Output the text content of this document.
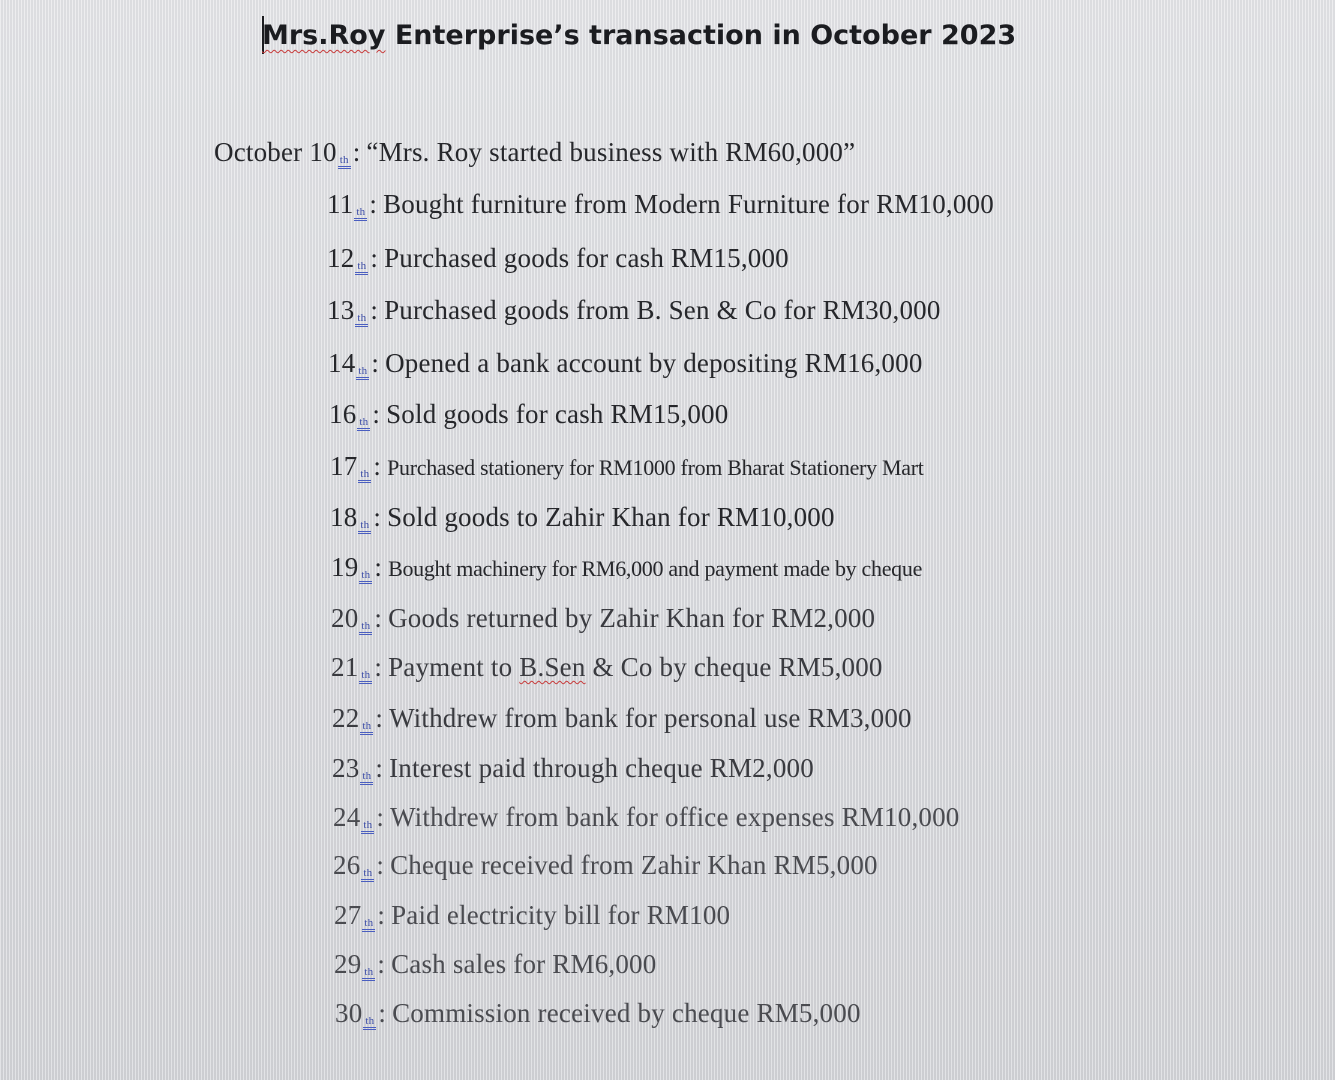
Mrs.Roy Enterprise’s transaction in October 2023
October 10 th : “Mrs. Roy started business with RM60,000”
11 th : Bought furniture from Modern Furniture for RM10,000
12 th : Purchased goods for cash RM15,000
13 th : Purchased goods from B. Sen & Co for RM30,000
14 th : Opened a bank account by depositing RM16,000
16 th : Sold goods for cash RM15,000
17 th : Purchased stationery for RM1000 from Bharat Stationery Mart
18 th : Sold goods to Zahir Khan for RM10,000
19 th : Bought machinery for RM6,000 and payment made by cheque
20 th : Goods returned by Zahir Khan for RM2,000
21 th : Payment to B.Sen & Co by cheque RM5,000
22 th : Withdrew from bank for personal use RM3,000
23 th : Interest paid through cheque RM2,000
24 th : Withdrew from bank for office expenses RM10,000
26 th : Cheque received from Zahir Khan RM5,000
27 th : Paid electricity bill for RM100
29 th : Cash sales for RM6,000
30 th : Commission received by cheque RM5,000
